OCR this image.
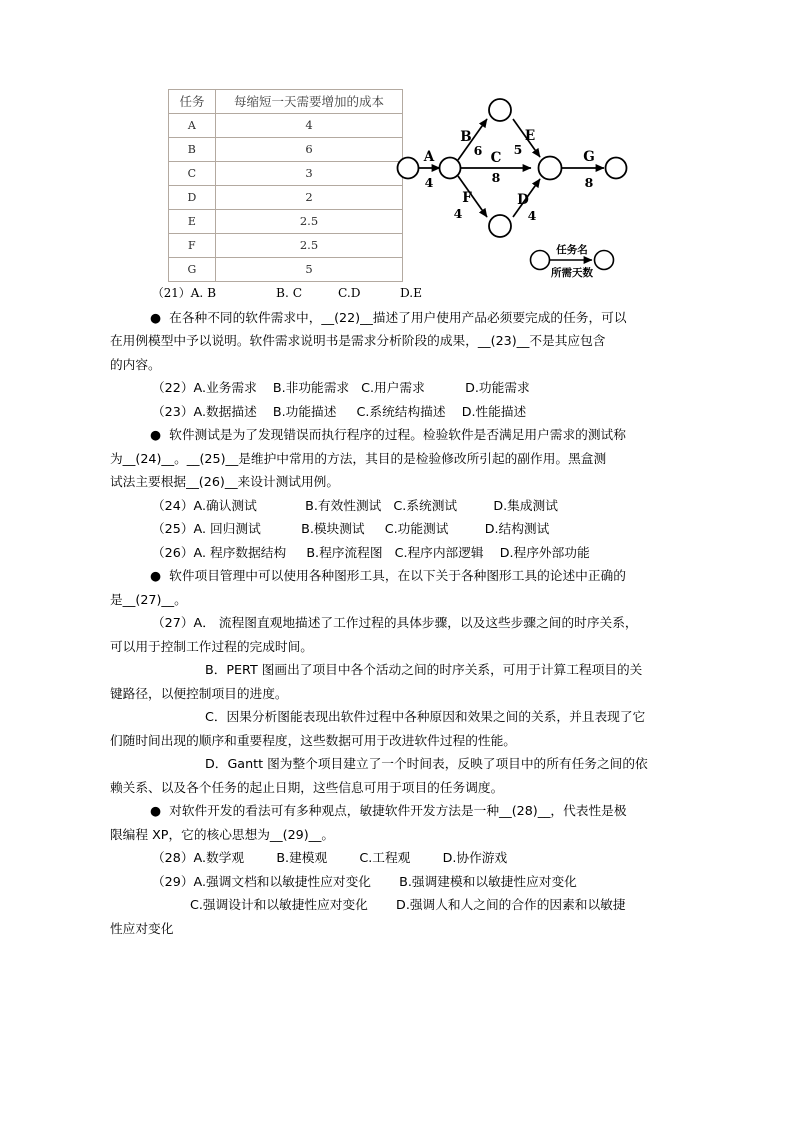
任务	每缩短一天需要增加的成本
A	4
B	6
C	3
D	2
E	2.5
F	2.5
G	5
A
B
C
F
E
D
G
4
6
8
4
5
4
8
任务名
所需天数
（21）A. B		B. C		C.D		D.E
●  在各种不同的软件需求中，__(22)__描述了用户使用产品必须要完成的任务，可以
在用例模型中予以说明。软件需求说明书是需求分析阶段的成果，__(23)__不是其应包含
的内容。
（22）A.业务需求    B.非功能需求   C.用户需求          D.功能需求
（23）A.数据描述    B.功能描述     C.系统结构描述    D.性能描述
●  软件测试是为了发现错误而执行程序的过程。检验软件是否满足用户需求的测试称
为__(24)__。__(25)__是维护中常用的方法，其目的是检验修改所引起的副作用。黑盒测
试法主要根据__(26)__来设计测试用例。
（24）A.确认测试            B.有效性测试   C.系统测试         D.集成测试
（25）A. 回归测试          B.模块测试     C.功能测试         D.结构测试
（26）A. 程序数据结构     B.程序流程图   C.程序内部逻辑    D.程序外部功能
●  软件项目管理中可以使用各种图形工具，在以下关于各种图形工具的论述中正确的
是__(27)__。
（27）A． 流程图直观地描述了工作过程的具体步骤，以及这些步骤之间的时序关系，
可以用于控制工作过程的完成时间。
B．PERT 图画出了项目中各个活动之间的时序关系，可用于计算工程项目的关
键路径，以便控制项目的进度。
C．因果分析图能表现出软件过程中各种原因和效果之间的关系，并且表现了它
们随时间出现的顺序和重要程度，这些数据可用于改进软件过程的性能。
D．Gantt 图为整个项目建立了一个时间表，反映了项目中的所有任务之间的依
赖关系、以及各个任务的起止日期，这些信息可用于项目的任务调度。
●  对软件开发的看法可有多种观点，敏捷软件开发方法是一种__(28)__，代表性是极
限编程 XP，它的核心思想为__(29)__。
（28）A.数学观        B.建模观        C.工程观        D.协作游戏
（29）A.强调文档和以敏捷性应对变化       B.强调建模和以敏捷性应对变化
C.强调设计和以敏捷性应对变化       D.强调人和人之间的合作的因素和以敏捷
性应对变化
